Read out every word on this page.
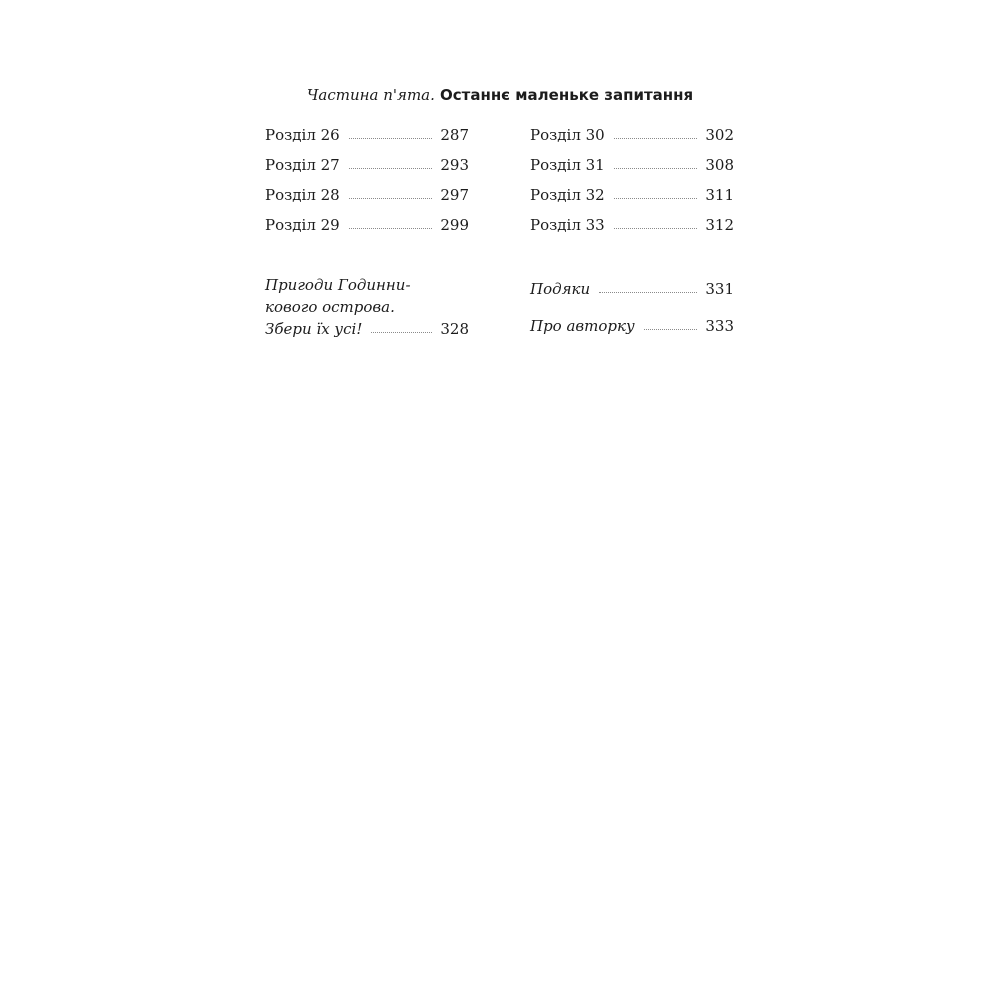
Частина п'ята. Останнє маленьке запитання
Розділ 26	287
Розділ 27	293
Розділ 28	297
Розділ 29	299
Пригоди Годинни-
кового острова.
Збери їх усі!	328
Розділ 30	302
Розділ 31	308
Розділ 32	311
Розділ 33	312
Подяки	331
Про авторку	333
